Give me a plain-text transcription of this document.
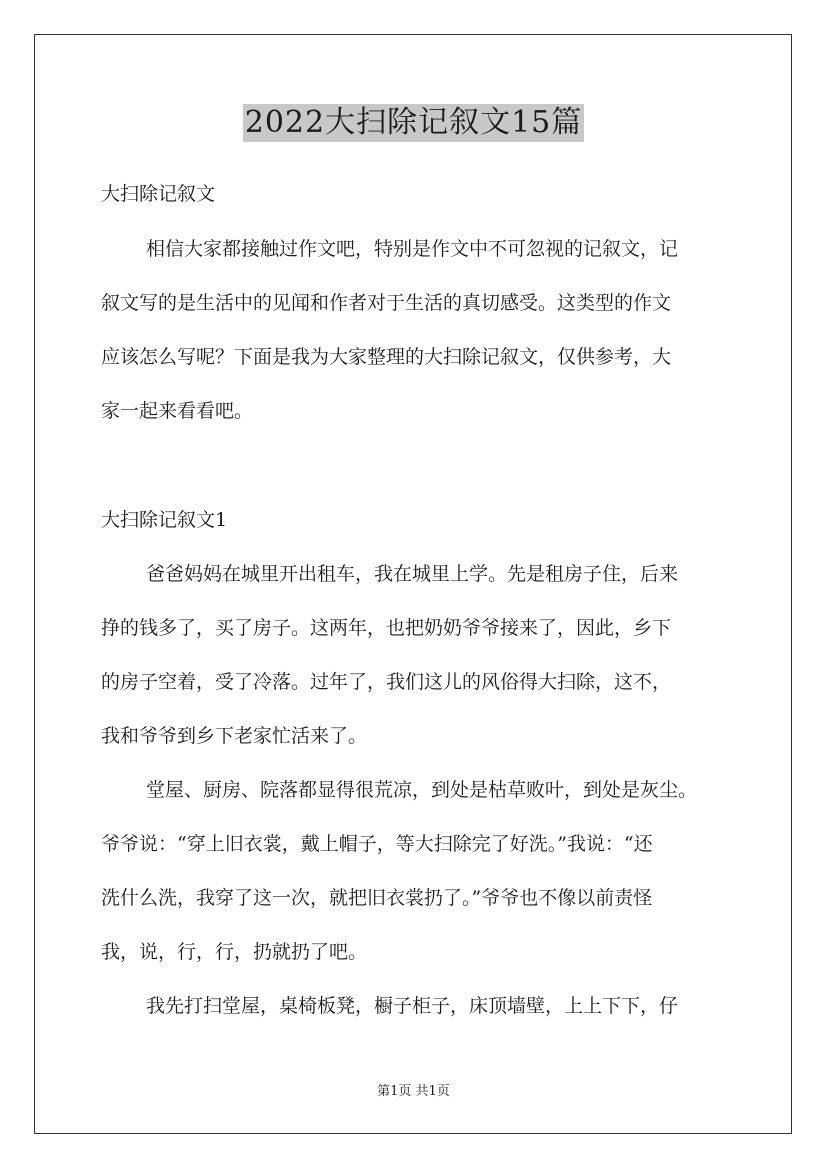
2022大扫除记叙文15篇
大扫除记叙文
相信大家都接触过作文吧，特别是作文中不可忽视的记叙文，记
叙文写的是生活中的见闻和作者对于生活的真切感受。这类型的作文
应该怎么写呢？下面是我为大家整理的大扫除记叙文，仅供参考，大
家一起来看看吧。
大扫除记叙文1
爸爸妈妈在城里开出租车，我在城里上学。先是租房子住，后来
挣的钱多了，买了房子。这两年，也把奶奶爷爷接来了，因此，乡下
的房子空着，受了冷落。过年了，我们这儿的风俗得大扫除，这不，
我和爷爷到乡下老家忙活来了。
堂屋、厨房、院落都显得很荒凉，到处是枯草败叶，到处是灰尘。
爷爷说：“穿上旧衣裳，戴上帽子，等大扫除完了好洗。”我说：“还
洗什么洗，我穿了这一次，就把旧衣裳扔了。”爷爷也不像以前责怪
我，说，行，行，扔就扔了吧。
我先打扫堂屋，桌椅板凳，橱子柜子，床顶墙壁，上上下下，仔
第1页 共1页
